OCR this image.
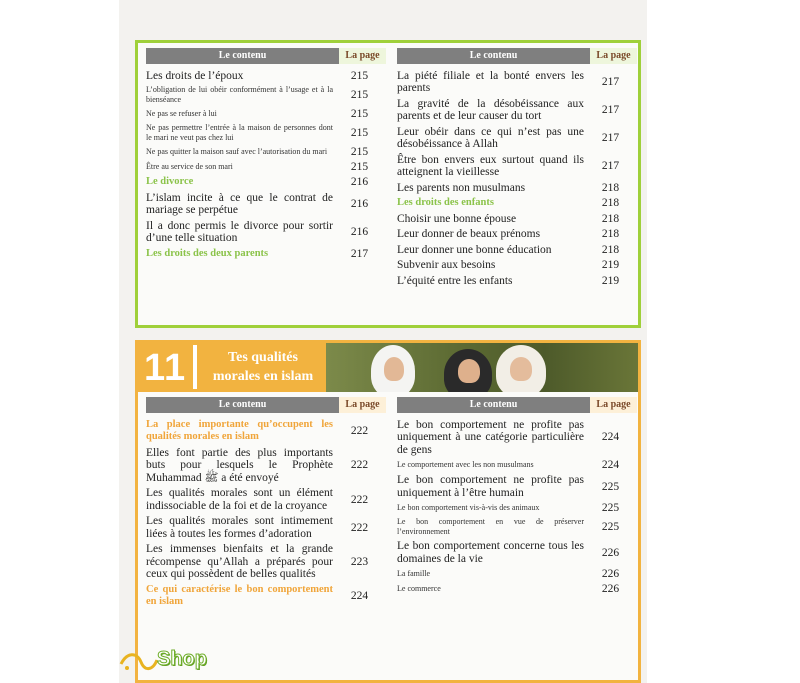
Le contenu	La page
Les droits de l’époux	215
L’obligation de lui obéir conformément à l’usage et à la bienséance	215
Ne pas se refuser à lui	215
Ne pas permettre l’entrée à la maison de personnes dont le mari ne veut pas chez lui	215
Ne pas quitter la maison sauf avec l’autorisation du mari	215
Être au service de son mari	215
Le divorce	216
L’islam incite à ce que le contrat de mariage se perpétue	216
Il a donc permis le divorce pour sortir d’une telle situation	216
Les droits des deux parents	217
Le contenu	La page
La piété filiale et la bonté envers les parents	217
La gravité de la désobéissance aux parents et de leur causer du tort	217
Leur obéir dans ce qui n’est pas une désobéissance à Allah	217
Être bon envers eux surtout quand ils atteignent la vieillesse	217
Les parents non musulmans	218
Les droits des enfants	218
Choisir une bonne épouse	218
Leur donner de beaux prénoms	218
Leur donner une bonne éducation	218
Subvenir aux besoins	219
L’équité entre les enfants	219
11	Tes qualités
morales en islam
Le contenu	La page
La place importante qu’occupent les qualités morales en islam	222
Elles font partie des plus importants buts pour lesquels le Prophète Muhammad ﷺ a été envoyé	222
Les qualités morales sont un élément indissociable de la foi et de la croyance	222
Les qualités morales sont intimement liées à toutes les formes d’adoration	222
Les immenses bienfaits et la grande récompense qu’Allah a préparés pour ceux qui possèdent de belles qualités	223
Ce qui caractérise le bon comportement en islam	224
Le contenu	La page
Le bon comportement ne profite pas uniquement à une catégorie particulière de gens	224
Le comportement avec les non musulmans	224
Le bon comportement ne profite pas uniquement à l’être humain	225
Le bon comportement vis-à-vis des animaux	225
Le bon comportement en vue de préserver l’environnement	225
Le bon comportement concerne tous les domaines de la vie	226
La famille	226
Le commerce	226
Shop
